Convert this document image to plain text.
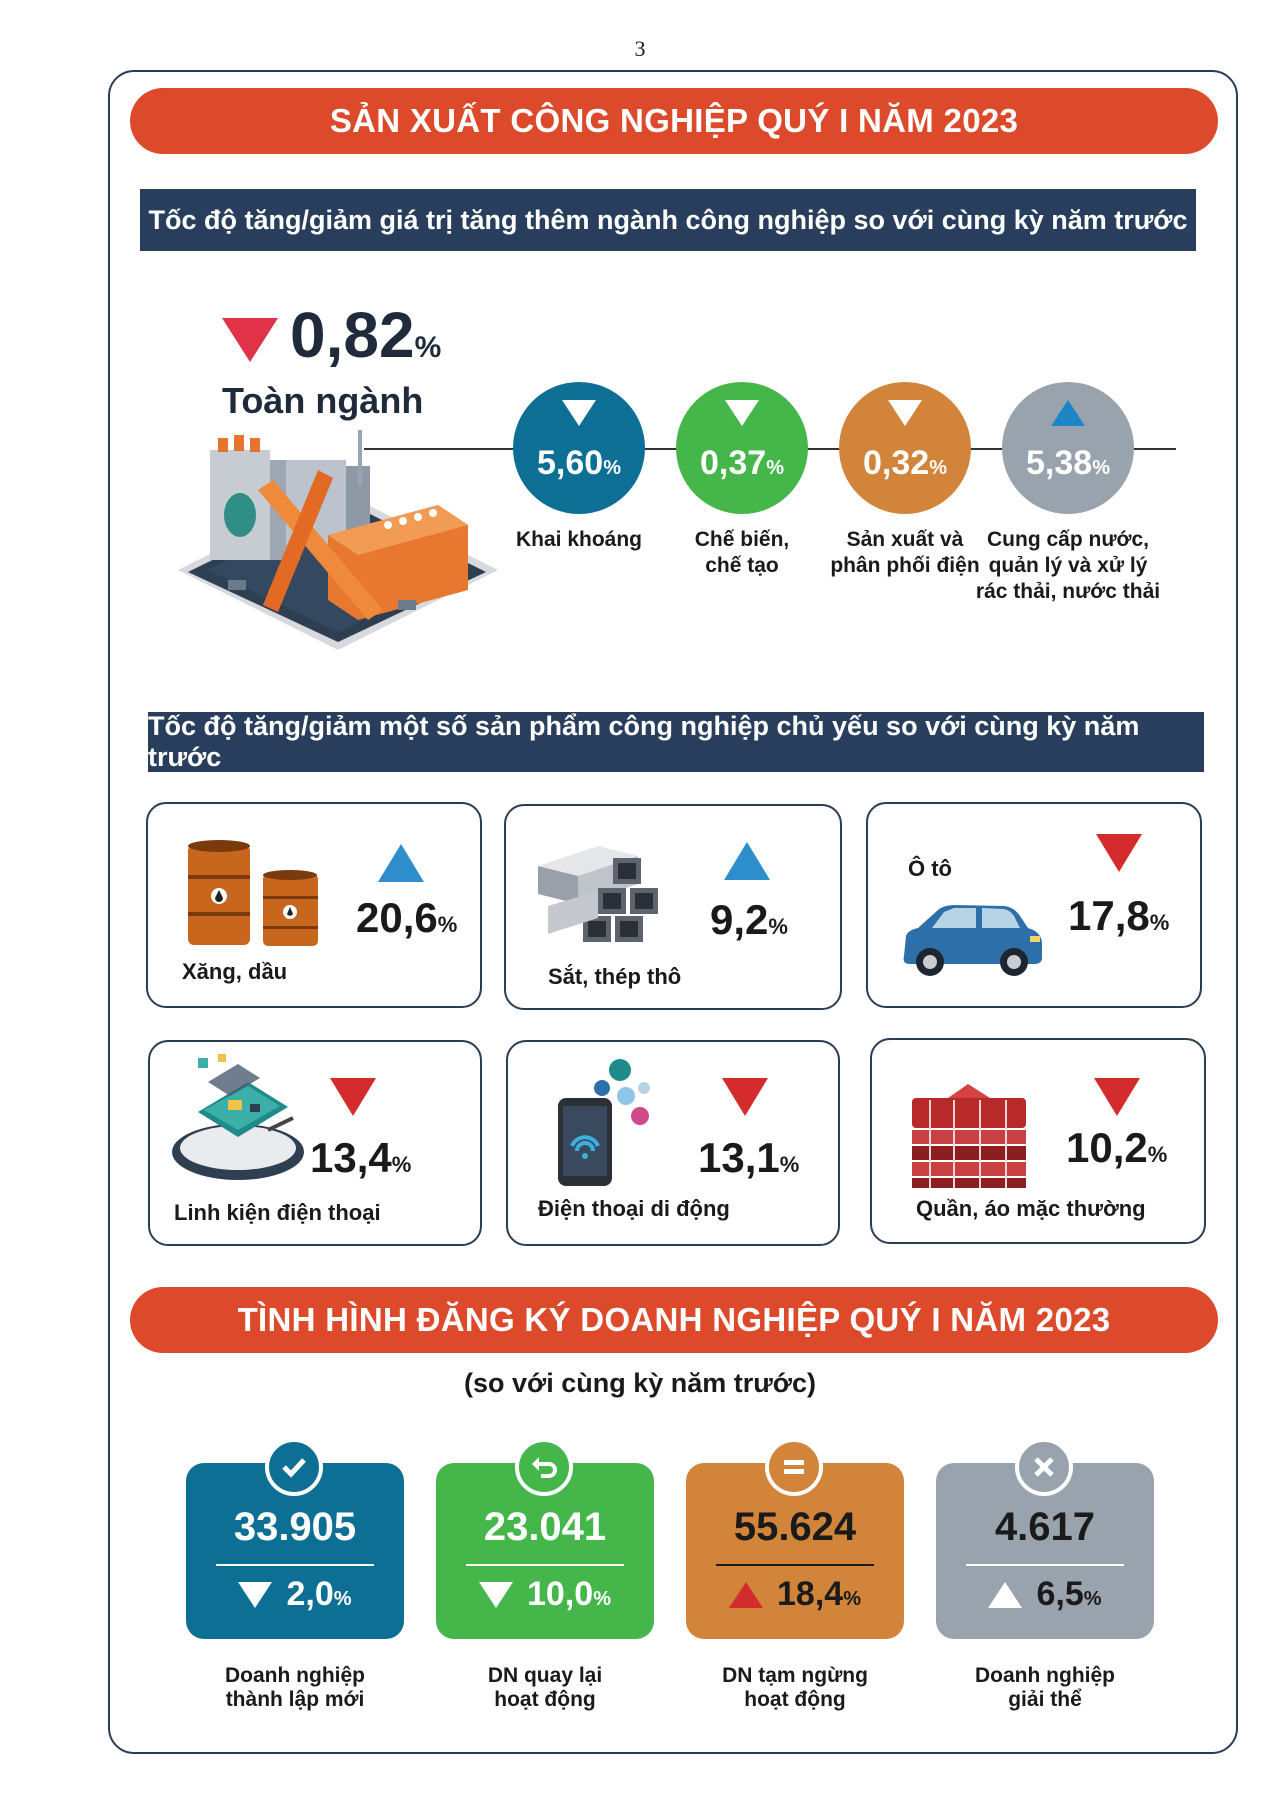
3
SẢN XUẤT CÔNG NGHIỆP QUÝ I NĂM 2023
Tốc độ tăng/giảm giá trị tăng thêm ngành công nghiệp so với cùng kỳ năm trước
0,82%
Toàn ngành
5,60% 0,37% 0,32% 5,38%
Khai khoáng	Chế biến,
chế tạo
Sản xuất và
phân phối điện
Cung cấp nước,
quản lý và xử lý
rác thải, nước thải
Tốc độ tăng/giảm một số sản phẩm công nghiệp chủ yếu so với cùng kỳ năm trước
20,6%
Xăng, dầu
9,2%
Sắt, thép thô
Ô tô
17,8%
13,4%
Linh kiện điện thoại
13,1%
Điện thoại di động
10,2%
Quần, áo mặc thường
TÌNH HÌNH ĐĂNG KÝ DOANH NGHIỆP QUÝ I NĂM 2023
(so với cùng kỳ năm trước)
33.905
2,0%
Doanh nghiệp
thành lập mới
23.041
10,0%
DN quay lại
hoạt động
55.624
18,4%
DN tạm ngừng
hoạt động
4.617
6,5%
Doanh nghiệp
giải thể
